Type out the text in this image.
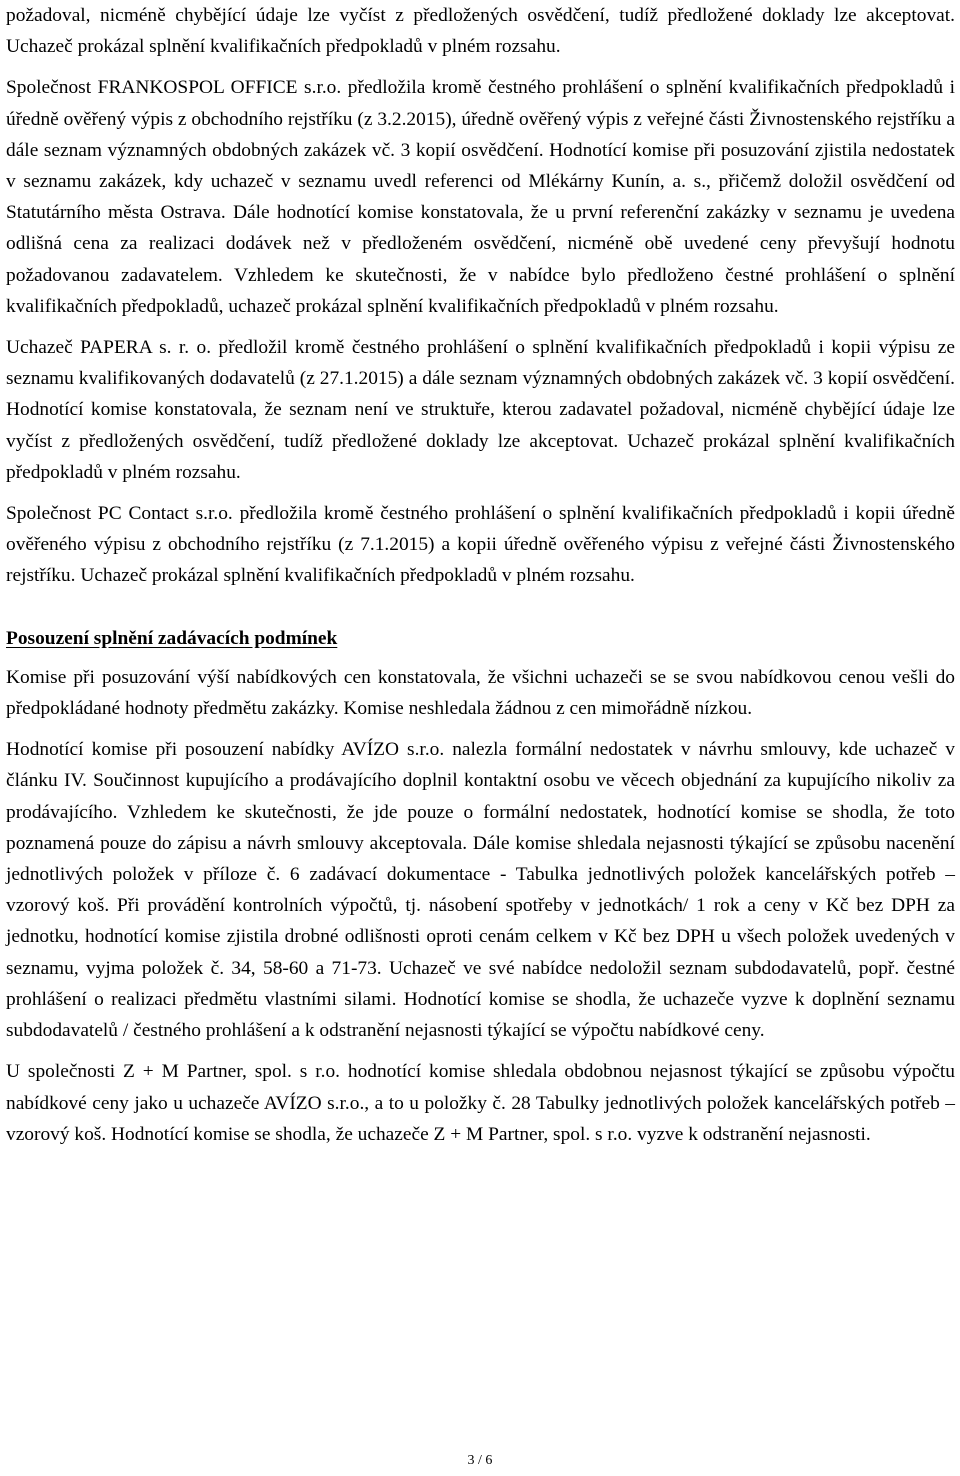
požadoval, nicméně chybějící údaje lze vyčíst z předložených osvědčení, tudíž předložené doklady lze akceptovat. Uchazeč prokázal splnění kvalifikačních předpokladů v plném rozsahu.

Společnost FRANKOSPOL OFFICE s.r.o. předložila kromě čestného prohlášení o splnění kvalifikačních předpokladů i úředně ověřený výpis z obchodního rejstříku (z 3.2.2015), úředně ověřený výpis z veřejné části Živnostenského rejstříku a dále seznam významných obdobných zakázek vč. 3 kopií osvědčení. Hodnotící komise při posuzování zjistila nedostatek v seznamu zakázek, kdy uchazeč v seznamu uvedl referenci od Mlékárny Kunín, a. s., přičemž doložil osvědčení od Statutárního města Ostrava. Dále hodnotící komise konstatovala, že u první referenční zakázky v seznamu je uvedena odlišná cena za realizaci dodávek než v předloženém osvědčení, nicméně obě uvedené ceny převyšují hodnotu požadovanou zadavatelem. Vzhledem ke skutečnosti, že v nabídce bylo předloženo čestné prohlášení o splnění kvalifikačních předpokladů, uchazeč prokázal splnění kvalifikačních předpokladů v plném rozsahu.

Uchazeč PAPERA s. r. o. předložil kromě čestného prohlášení o splnění kvalifikačních předpokladů i kopii výpisu ze seznamu kvalifikovaných dodavatelů (z 27.1.2015) a dále seznam významných obdobných zakázek vč. 3 kopií osvědčení. Hodnotící komise konstatovala, že seznam není ve struktuře, kterou zadavatel požadoval, nicméně chybějící údaje lze vyčíst z předložených osvědčení, tudíž předložené doklady lze akceptovat. Uchazeč prokázal splnění kvalifikačních předpokladů v plném rozsahu.

Společnost PC Contact s.r.o. předložila kromě čestného prohlášení o splnění kvalifikačních předpokladů i kopii úředně ověřeného výpisu z obchodního rejstříku (z 7.1.2015) a kopii úředně ověřeného výpisu z veřejné části Živnostenského rejstříku. Uchazeč prokázal splnění kvalifikačních předpokladů v plném rozsahu.

Posouzení splnění zadávacích podmínek

Komise při posuzování výší nabídkových cen konstatovala, že všichni uchazeči se se svou nabídkovou cenou vešli do předpokládané hodnoty předmětu zakázky. Komise neshledala žádnou z cen mimořádně nízkou.

Hodnotící komise při posouzení nabídky AVÍZO s.r.o. nalezla formální nedostatek v návrhu smlouvy, kde uchazeč v článku IV. Součinnost kupujícího a prodávajícího doplnil kontaktní osobu ve věcech objednání za kupujícího nikoliv za prodávajícího. Vzhledem ke skutečnosti, že jde pouze o formální nedostatek, hodnotící komise se shodla, že toto poznamená pouze do zápisu a návrh smlouvy akceptovala. Dále komise shledala nejasnosti týkající se způsobu nacenění jednotlivých položek v příloze č. 6 zadávací dokumentace - Tabulka jednotlivých položek kancelářských potřeb – vzorový koš. Při provádění kontrolních výpočtů, tj. násobení spotřeby v jednotkách/ 1 rok a ceny v Kč bez DPH za jednotku, hodnotící komise zjistila drobné odlišnosti oproti cenám celkem v Kč bez DPH u všech položek uvedených v seznamu, vyjma položek č. 34, 58-60 a 71-73. Uchazeč ve své nabídce nedoložil seznam subdodavatelů, popř. čestné prohlášení o realizaci předmětu vlastními silami. Hodnotící komise se shodla, že uchazeče vyzve k doplnění seznamu subdodavatelů / čestného prohlášení a k odstranění nejasnosti týkající se výpočtu nabídkové ceny.

U společnosti Z + M Partner, spol. s r.o. hodnotící komise shledala obdobnou nejasnost týkající se způsobu výpočtu nabídkové ceny jako u uchazeče AVÍZO s.r.o., a to u položky č. 28 Tabulky jednotlivých položek kancelářských potřeb – vzorový koš. Hodnotící komise se shodla, že uchazeče Z + M Partner, spol. s r.o. vyzve k odstranění nejasnosti.

3 / 6
